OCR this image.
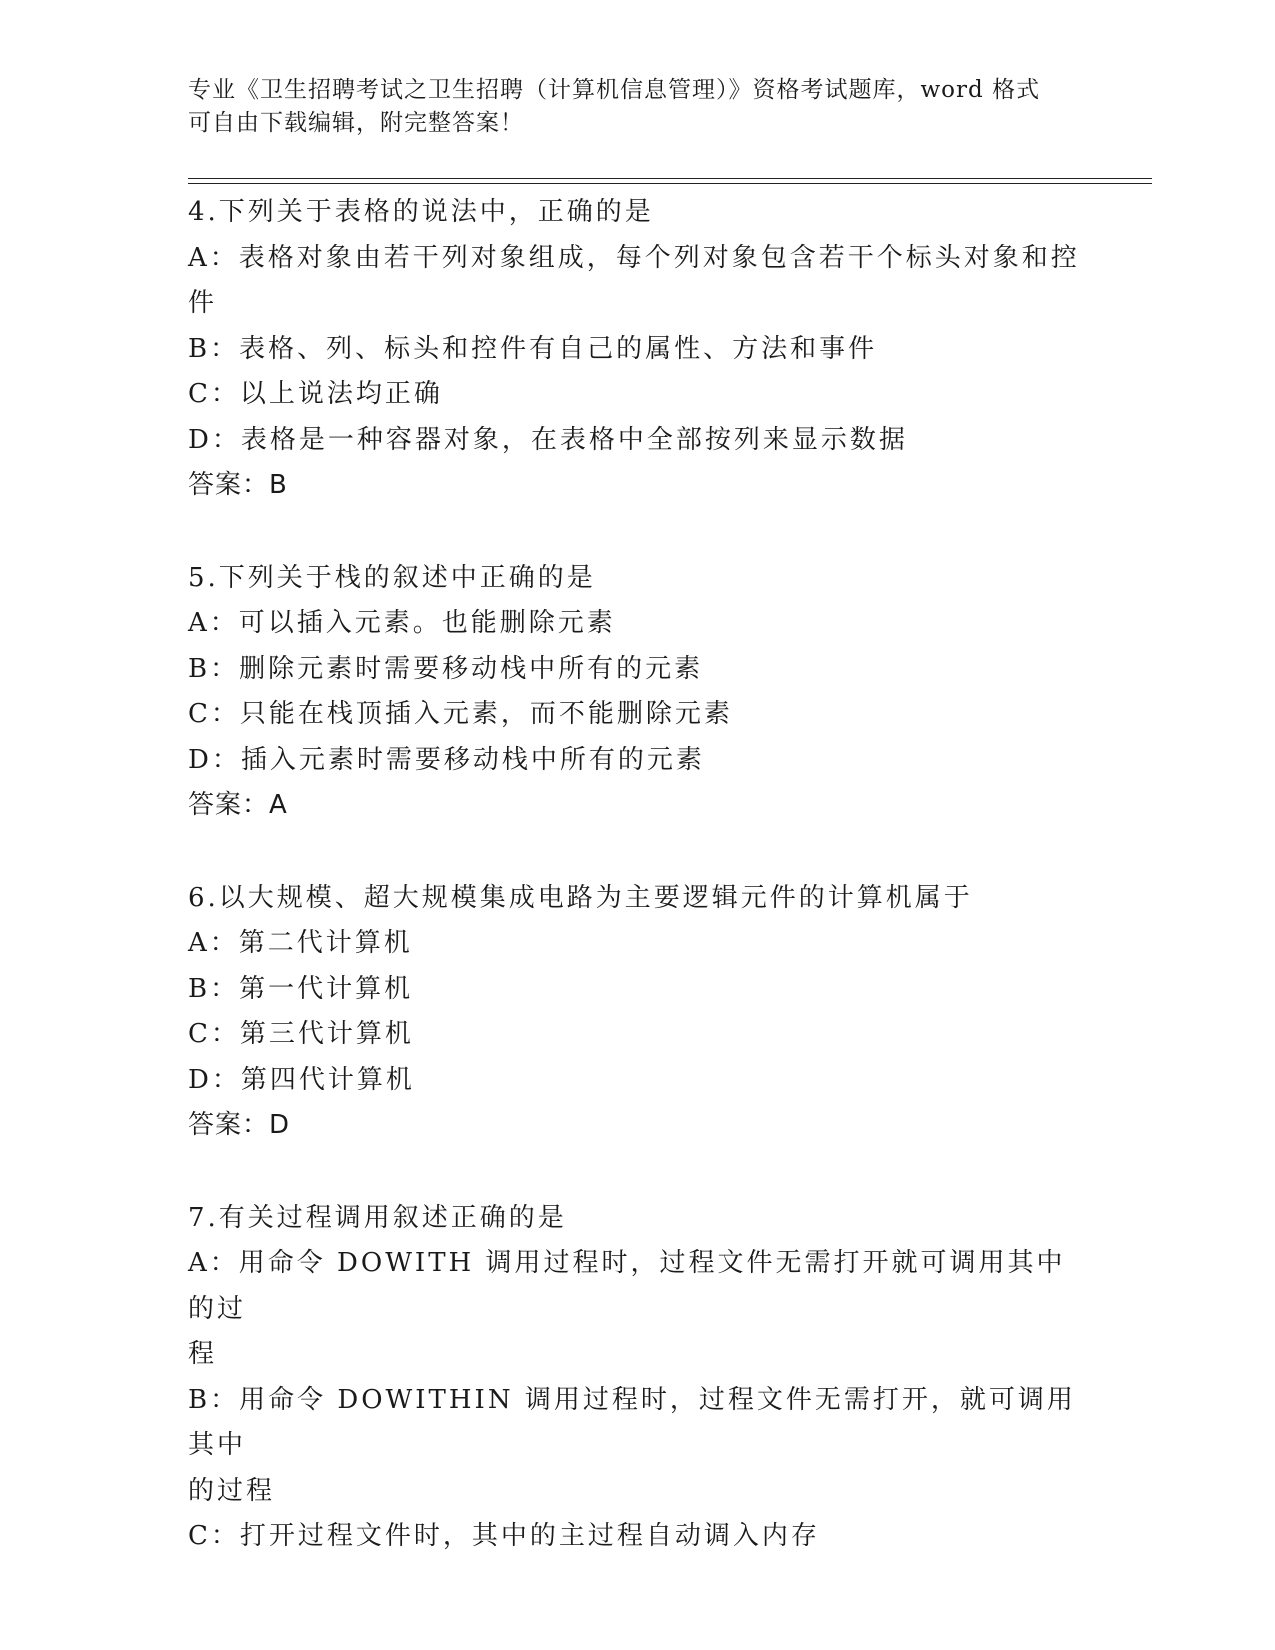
专业《卫生招聘考试之卫生招聘（计算机信息管理）》资格考试题库，word 格式
可自由下载编辑，附完整答案！

4.下列关于表格的说法中，正确的是

A：表格对象由若干列对象组成，每个列对象包含若干个标头对象和控

件

B：表格、列、标头和控件有自己的属性、方法和事件

C：以上说法均正确

D：表格是一种容器对象，在表格中全部按列来显示数据

答案：B

5.下列关于栈的叙述中正确的是

A：可以插入元素。也能删除元素

B：删除元素时需要移动栈中所有的元素

C：只能在栈顶插入元素，而不能删除元素

D：插入元素时需要移动栈中所有的元素

答案：A

6.以大规模、超大规模集成电路为主要逻辑元件的计算机属于

A：第二代计算机

B：第一代计算机

C：第三代计算机

D：第四代计算机

答案：D

7.有关过程调用叙述正确的是

A：用命令 DOWITH 调用过程时，过程文件无需打开就可调用其中的过

程

B：用命令 DOWITHIN 调用过程时，过程文件无需打开，就可调用其中

的过程

C：打开过程文件时，其中的主过程自动调入内存
